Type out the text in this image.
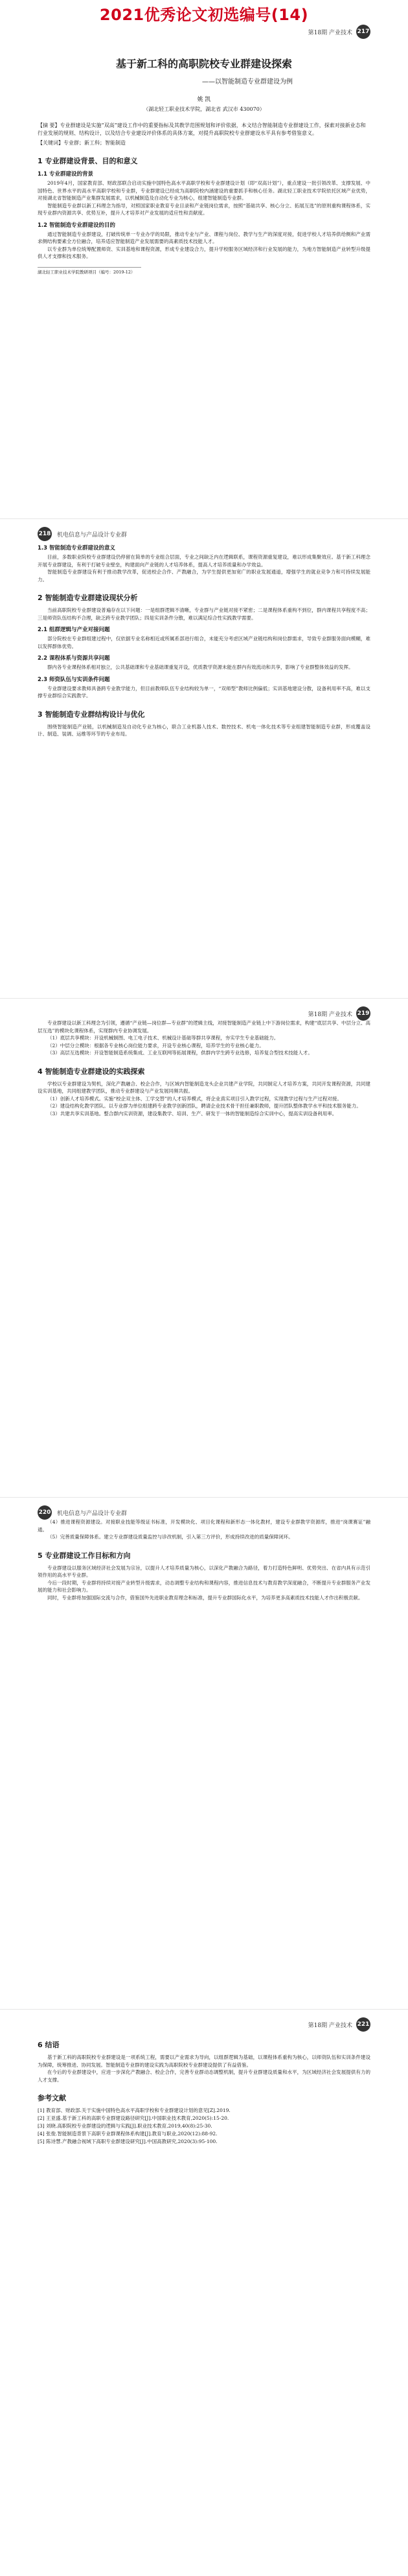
2021优秀论文初选编号(14)
第18期 产业技术 217
基于新工科的高职院校专业群建设探索
——以智能制造专业群建设为例
姚 凯
（湖北轻工职业技术学院，湖北省 武汉市 430070）
【摘 要】专业群建设是实施“双高”建设工作中的重要指标及其教学范围规划和评价依据，本文结合智能制造专业群建设工作，探索对接新业态和行业发展的规则、结构设计，以及结合专业建设评价体系的具体方案，对提升高职院校专业群建设水平具有参考借鉴意义。
【关键词】专业群；新工科；智能制造
1 专业群建设背景、目的和意义
1.1 专业群建设的背景

2019年4月，国家教育部、财政部联合启动实施中国特色高水平高职学校和专业群建设计划（即“双高计划”），重点建设一批引领改革、支撑发展、中国特色、世界水平的高水平高职学校和专业群，专业群建设已经成为高职院校内涵建设的重要抓手和核心任务。湖北轻工职业技术学院依托区域产业优势，对接湖北省智能制造产业集群发展需求，以机械制造及自动化专业为核心，组建智能制造专业群。

智能制造专业群以新工科理念为指导，对照国家职业教育专业目录和产业链岗位需求，按照“基础共享、核心分立、拓展互选”的原则重构课程体系，实现专业群内资源共享、优势互补，提升人才培养对产业发展的适应性和贡献度。

1.2 智能制造专业群建设的目的

通过智能制造专业群建设，打破传统单一专业办学的局限，推动专业与产业、课程与岗位、教学与生产的深度对接，促进学校人才培养供给侧和产业需求侧结构要素全方位融合，培养适应智能制造产业发展需要的高素质技术技能人才。

以专业群为单位统筹配置师资、实训基地和课程资源，形成专业建设合力，提升学校服务区域经济和行业发展的能力，为地方智能制造产业转型升级提供人才支撑和技术服务。

湖北轻工职业技术学院教研项目（编号：2019-12）
218 机电信息与产品设计专业群
1.3 智能制造专业群建设的意义

目前，多数职业院校专业群建设仍停留在简单的专业组合层面，专业之间缺乏内在逻辑联系，课程资源重复建设，难以形成集聚效应。基于新工科理念开展专业群建设，有利于打破专业壁垒，构建面向产业链的人才培养体系，提高人才培养质量和办学效益。

智能制造专业群建设有利于推动教学改革，促进校企合作、产教融合，为学生提供更加宽广的职业发展通道，增强学生的就业竞争力和可持续发展能力。

2 智能制造专业群建设现状分析

当前高职院校专业群建设普遍存在以下问题：一是组群逻辑不清晰，专业群与产业链对接不紧密；二是课程体系重构不到位，群内课程共享程度不高；三是师资队伍结构不合理，缺乏跨专业教学团队；四是实训条件分散，难以满足综合性实践教学需要。

2.1 组群逻辑与产业对接问题

部分院校在专业群组建过程中，仅依据专业名称相近或所属系部进行组合，未能充分考虑区域产业链结构和岗位群需求，导致专业群服务面向模糊，难以发挥群体优势。

2.2 课程体系与资源共享问题

群内各专业课程体系相对独立，公共基础课和专业基础课重复开设，优质教学资源未能在群内有效流动和共享，影响了专业群整体效益的发挥。

2.3 师资队伍与实训条件问题

专业群建设要求教师具备跨专业教学能力，但目前教师队伍专业结构较为单一，“双师型”教师比例偏低；实训基地建设分散，设备利用率不高，难以支撑专业群综合实践教学。

3 智能制造专业群结构设计与优化

围绕智能制造产业链，以机械制造及自动化专业为核心，联合工业机器人技术、数控技术、机电一体化技术等专业组建智能制造专业群，形成覆盖设计、制造、装调、运维等环节的专业布局。

第18期 产业技术 219

专业群建设以新工科理念为引领，遵循“产业链—岗位群—专业群”的逻辑主线，对接智能制造产业链上中下游岗位需求，构建“底层共享、中层分立、高层互选”的模块化课程体系，实现群内专业协调发展。

（1）底层共享模块：开设机械制图、电工电子技术、机械设计基础等群共享课程，夯实学生专业基础能力。

（2）中层分立模块：根据各专业核心岗位能力要求，开设专业核心课程，培养学生的专业核心能力。

（3）高层互选模块：开设智能制造系统集成、工业互联网等拓展课程，供群内学生跨专业选修，培养复合型技术技能人才。

4 智能制造专业群建设的实践探索

学校以专业群建设为契机，深化产教融合、校企合作，与区域内智能制造龙头企业共建产业学院，共同制定人才培养方案，共同开发课程资源，共同建设实训基地，共同组建教学团队，推动专业群建设与产业发展同频共振。

（1）创新人才培养模式。实施“校企双主体、工学交替”的人才培养模式，将企业真实项目引入教学过程，实现教学过程与生产过程对接。

（2）建设结构化教学团队。以专业群为单位组建跨专业教学创新团队，聘请企业技术骨干担任兼职教师，提升团队整体教学水平和技术服务能力。

（3）共建共享实训基地。整合群内实训资源，建设集教学、培训、生产、研发于一体的智能制造综合实训中心，提高实训设备利用率。

220 机电信息与产品设计专业群

（4）推进课程资源建设。对接职业技能等级证书标准，开发模块化、项目化课程和新形态一体化教材，建设专业群教学资源库，推进“岗课赛证”融通。

（5）完善质量保障体系。建立专业群建设质量监控与诊改机制，引入第三方评价，形成持续改进的质量保障闭环。

5 专业群建设工作目标和方向

专业群建设以服务区域经济社会发展为宗旨，以提升人才培养质量为核心，以深化产教融合为路径，着力打造特色鲜明、优势突出、在省内具有示范引领作用的高水平专业群。

今后一段时期，专业群将持续对接产业转型升级需求，动态调整专业结构和课程内容，推进信息技术与教育教学深度融合，不断提升专业群服务产业发展的能力和社会影响力。

同时，专业群将加强国际交流与合作，借鉴国外先进职业教育理念和标准，提升专业群国际化水平，为培养更多高素质技术技能人才作出积极贡献。

第18期 产业技术 221
6 结语

基于新工科的高职院校专业群建设是一项系统工程，需要以产业需求为导向，以组群逻辑为基础，以课程体系重构为核心，以师资队伍和实训条件建设为保障，统筹推进、协同发展。智能制造专业群的建设实践为高职院校专业群建设提供了有益借鉴。

在今后的专业群建设中，应进一步深化产教融合、校企合作，完善专业群动态调整机制，提升专业群建设质量和水平，为区域经济社会发展提供有力的人才支撑。

参考文献
[1] 教育部、财政部.关于实施中国特色高水平高职学校和专业群建设计划的意见[Z].2019.
[2] 王亚盛.基于新工科的高职专业群建设路径研究[J].中国职业技术教育,2020(5):15-20.
[3] 刘晓.高职院校专业群建设的逻辑与实践[J].职业技术教育,2019,40(8):25-30.
[4] 张俊.智能制造背景下高职专业群课程体系构建[J].教育与职业,2020(12):88-92.
[5] 陈诗慧.产教融合视域下高职专业群建设研究[J].中国高教研究,2020(3):95-100.
